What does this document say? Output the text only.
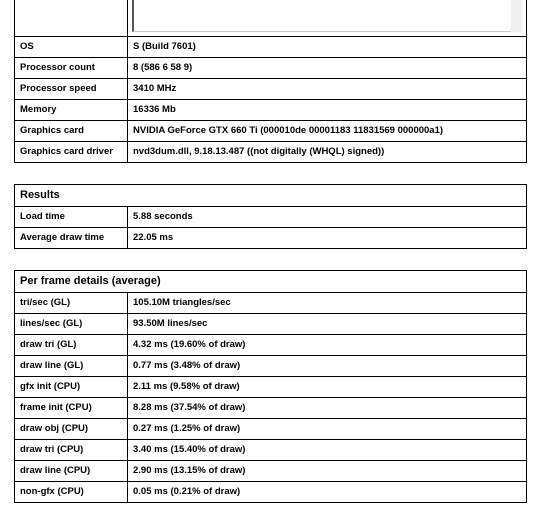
OS	S (Build 7601)
Processor count	8 (586 6 58 9)
Processor speed	3410 MHz
Memory	16336 Mb
Graphics card	NVIDIA GeForce GTX 660 Ti (000010de 00001183 11831569 000000a1)
Graphics card driver	nvd3dum.dll, 9.18.13.487 ((not digitally (WHQL) signed))
Results	
Load time	5.88 seconds
Average draw time	22.05 ms
Per frame details (average)	
tri/sec (GL)	105.10M triangles/sec
lines/sec (GL)	93.50M lines/sec
draw tri (GL)	4.32 ms (19.60% of draw)
draw line (GL)	0.77 ms (3.48% of draw)
gfx init (CPU)	2.11 ms (9.58% of draw)
frame init (CPU)	8.28 ms (37.54% of draw)
draw obj (CPU)	0.27 ms (1.25% of draw)
draw tri (CPU)	3.40 ms (15.40% of draw)
draw line (CPU)	2.90 ms (13.15% of draw)
non-gfx (CPU)	0.05 ms (0.21% of draw)
